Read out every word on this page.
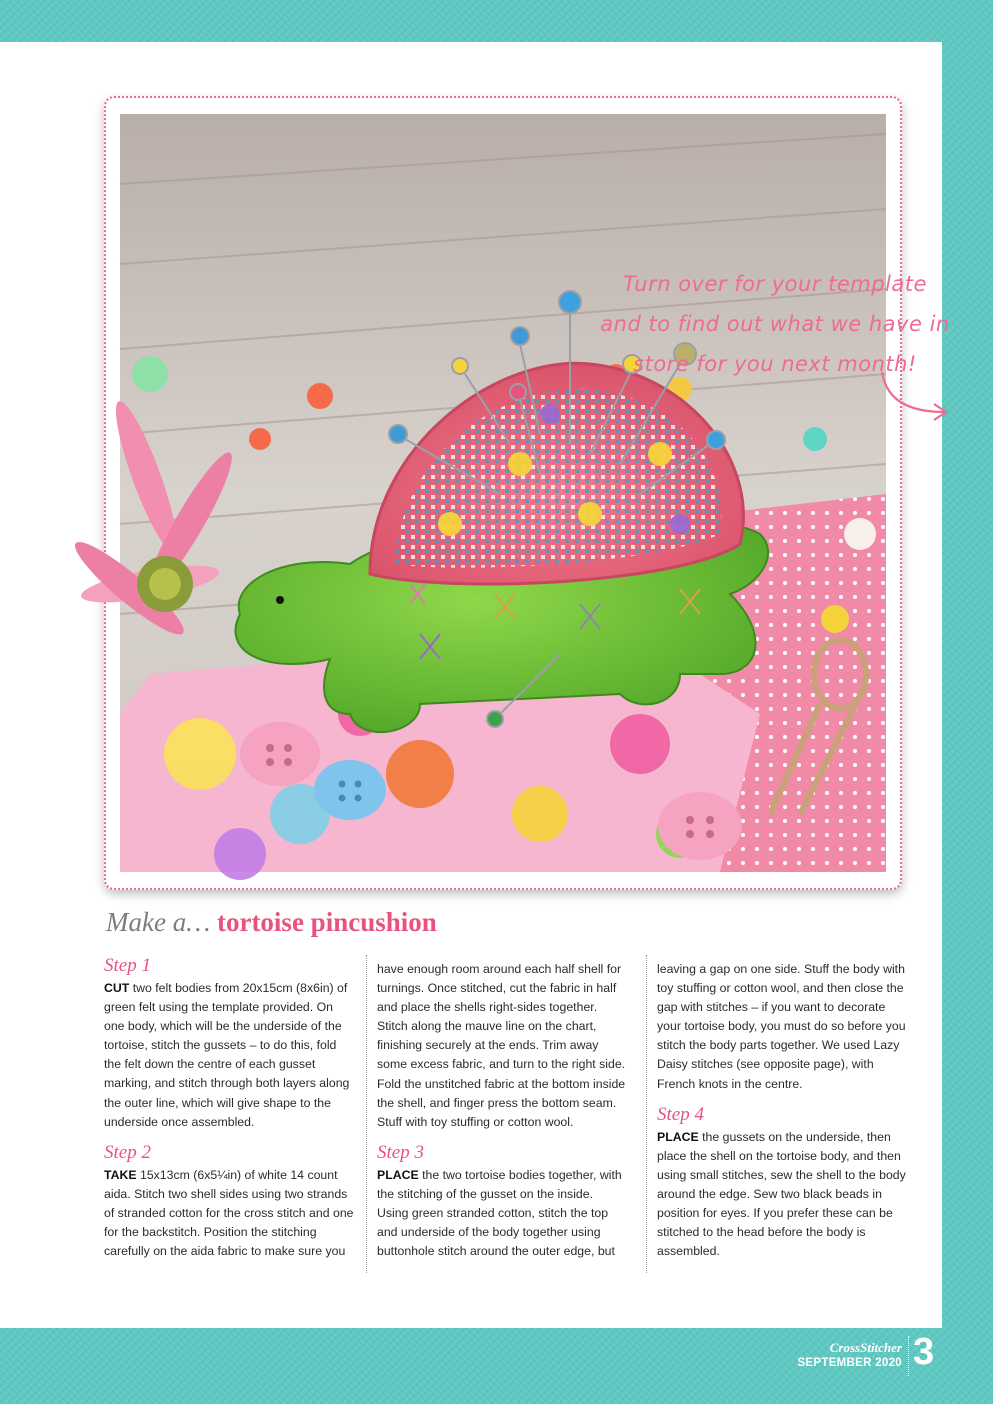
Turn over for your template
and to find out what we have in
store for you next month!
Make a… tortoise pincushion
Step 1

CUT two felt bodies from 20x15cm (8x6in) of green felt using the template provided. On one body, which will be the underside of the tortoise, stitch the gussets – to do this, fold the felt down the centre of each gusset marking, and stitch through both layers along the outer line, which will give shape to the underside once assembled.

Step 2

TAKE 15x13cm (6x5¼in) of white 14 count aida. Stitch two shell sides using two strands of stranded cotton for the cross stitch and one for the backstitch. Position the stitching carefully on the aida fabric to make sure you

have enough room around each half shell for turnings. Once stitched, cut the fabric in half and place the shells right-sides together. Stitch along the mauve line on the chart, finishing securely at the ends. Trim away some excess fabric, and turn to the right side. Fold the unstitched fabric at the bottom inside the shell, and finger press the bottom seam. Stuff with toy stuffing or cotton wool.

Step 3

PLACE the two tortoise bodies together, with the stitching of the gusset on the inside. Using green stranded cotton, stitch the top and underside of the body together using buttonhole stitch around the outer edge, but

leaving a gap on one side. Stuff the body with toy stuffing or cotton wool, and then close the gap with stitches – if you want to decorate your tortoise body, you must do so before you stitch the body parts together. We used Lazy Daisy stitches (see opposite page), with French knots in the centre.

Step 4

PLACE the gussets on the underside, then place the shell on the tortoise body, and then using small stitches, sew the shell to the body around the edge. Sew two black beads in position for eyes. If you prefer these can be stitched to the head before the body is assembled.

CrossStitcher
SEPTEMBER 2020 3
